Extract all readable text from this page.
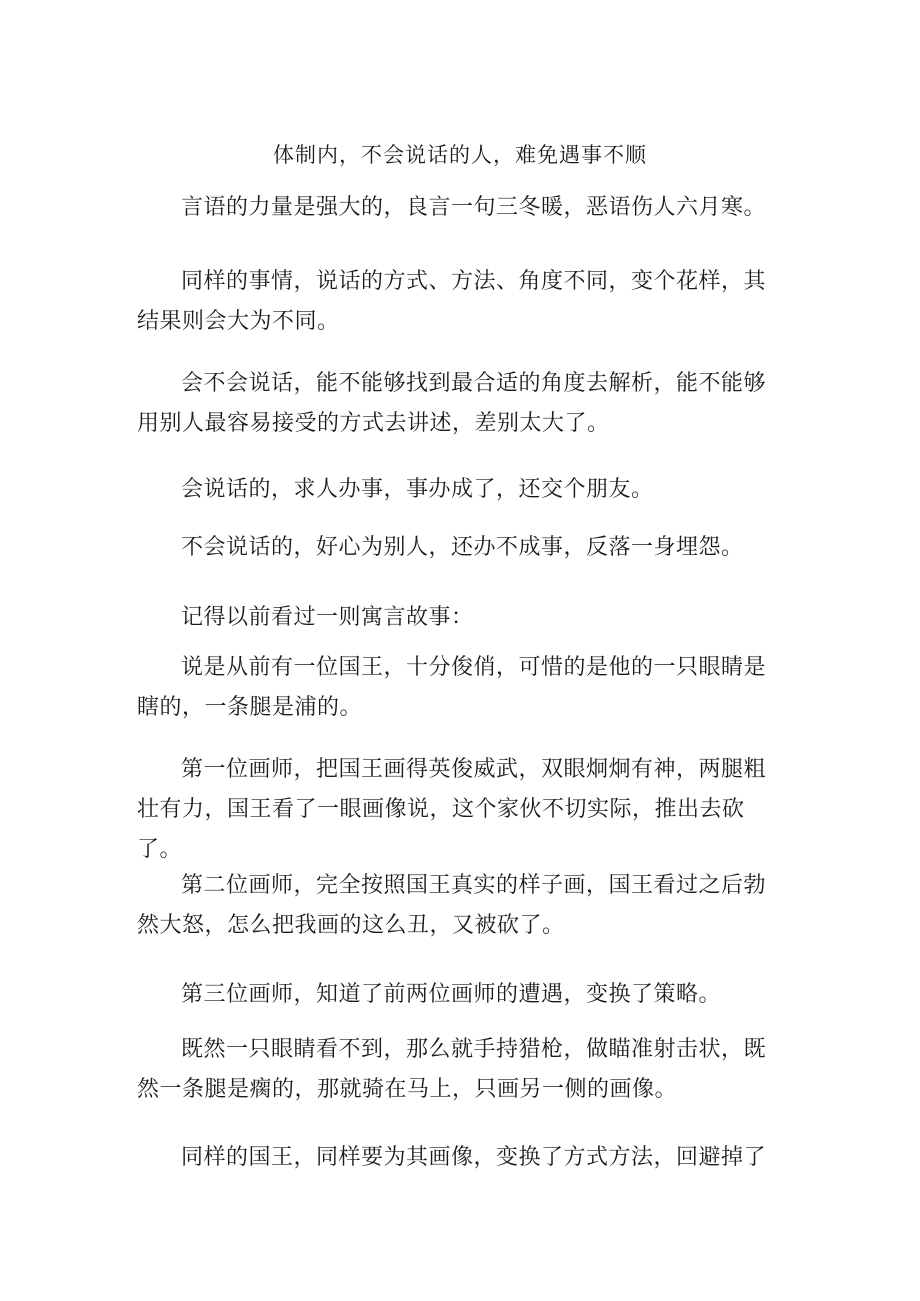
体制内，不会说话的人，难免遇事不顺

言语的力量是强大的，良言一句三冬暖，恶语伤人六月寒。

同样的事情，说话的方式、方法、角度不同，变个花样，其结果则会大为不同。

会不会说话，能不能够找到最合适的角度去解析，能不能够用别人最容易接受的方式去讲述，差别太大了。

会说话的，求人办事，事办成了，还交个朋友。

不会说话的，好心为别人，还办不成事，反落一身埋怨。

记得以前看过一则寓言故事：

说是从前有一位国王，十分俊俏，可惜的是他的一只眼睛是瞎的，一条腿是浦的。

第一位画师，把国王画得英俊威武，双眼炯炯有神，两腿粗壮有力，国王看了一眼画像说，这个家伙不切实际，推出去砍了。

第二位画师，完全按照国王真实的样子画，国王看过之后勃然大怒，怎么把我画的这么丑，又被砍了。

第三位画师，知道了前两位画师的遭遇，变换了策略。

既然一只眼睛看不到，那么就手持猎枪，做瞄准射击状，既然一条腿是瘸的，那就骑在马上，只画另一侧的画像。

同样的国王，同样要为其画像，变换了方式方法，回避掉了
